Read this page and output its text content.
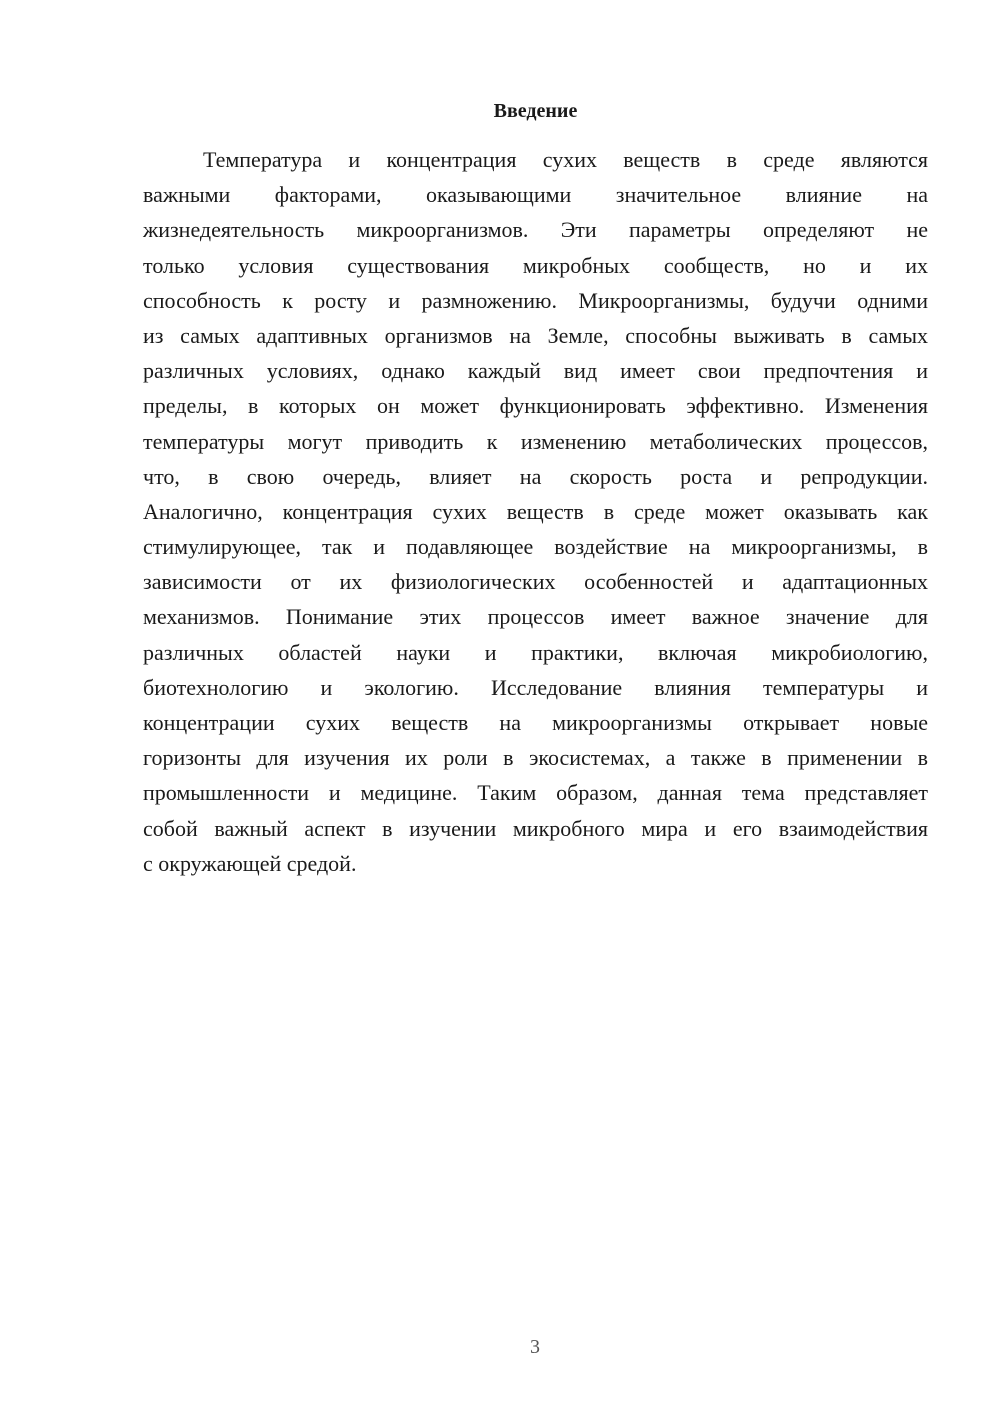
Введение
Температура и концентрация сухих веществ в среде являются
важными факторами, оказывающими значительное влияние на
жизнедеятельность микроорганизмов. Эти параметры определяют не
только условия существования микробных сообществ, но и их
способность к росту и размножению. Микроорганизмы, будучи одними
из самых адаптивных организмов на Земле, способны выживать в самых
различных условиях, однако каждый вид имеет свои предпочтения и
пределы, в которых он может функционировать эффективно. Изменения
температуры могут приводить к изменению метаболических процессов,
что, в свою очередь, влияет на скорость роста и репродукции.
Аналогично, концентрация сухих веществ в среде может оказывать как
стимулирующее, так и подавляющее воздействие на микроорганизмы, в
зависимости от их физиологических особенностей и адаптационных
механизмов. Понимание этих процессов имеет важное значение для
различных областей науки и практики, включая микробиологию,
биотехнологию и экологию. Исследование влияния температуры и
концентрации сухих веществ на микроорганизмы открывает новые
горизонты для изучения их роли в экосистемах, а также в применении в
промышленности и медицине. Таким образом, данная тема представляет
собой важный аспект в изучении микробного мира и его взаимодействия
с окружающей средой.

3
